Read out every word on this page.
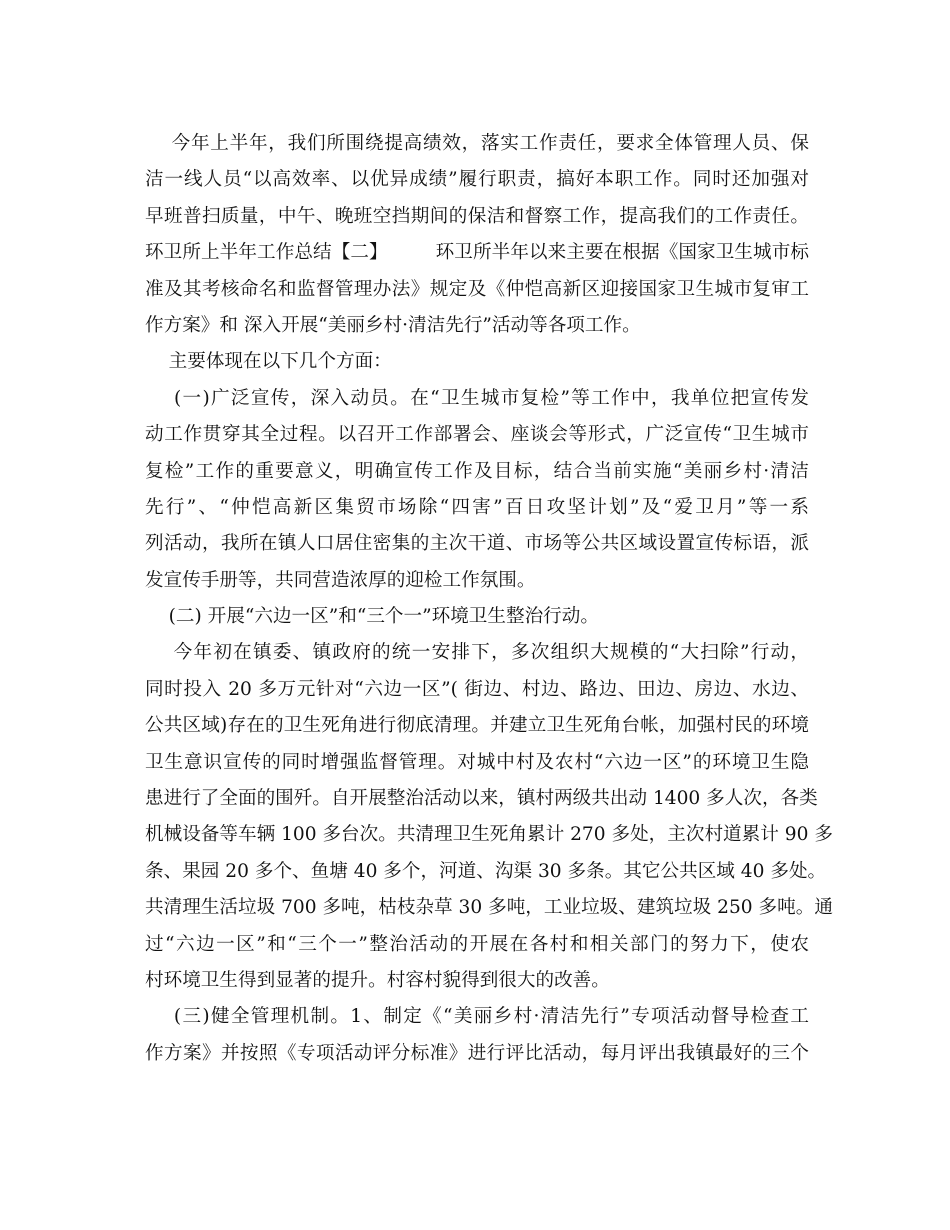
今年上半年，我们所围绕提高绩效，落实工作责任，要求全体管理人员、保
洁一线人员“以高效率、以优异成绩”履行职责，搞好本职工作。同时还加强对
早班普扫质量，中午、晚班空挡期间的保洁和督察工作，提高我们的工作责任。
环卫所上半年工作总结【二】        环卫所半年以来主要在根据《国家卫生城市标
准及其考核命名和监督管理办法》规定及《仲恺高新区迎接国家卫生城市复审工
作方案》和 深入开展“美丽乡村·清洁先行”活动等各项工作。
主要体现在以下几个方面：
(一)广泛宣传，深入动员。在“卫生城市复检”等工作中，我单位把宣传发
动工作贯穿其全过程。以召开工作部署会、座谈会等形式，广泛宣传“卫生城市
复检”工作的重要意义，明确宣传工作及目标，结合当前实施“美丽乡村·清洁
先行”、“仲恺高新区集贸市场除“四害”百日攻坚计划”及“爱卫月”等一系
列活动，我所在镇人口居住密集的主次干道、市场等公共区域设置宣传标语，派
发宣传手册等，共同营造浓厚的迎检工作氛围。
(二) 开展“六边一区”和“三个一”环境卫生整治行动。
今年初在镇委、镇政府的统一安排下，多次组织大规模的“大扫除”行动，
同时投入 20 多万元针对“六边一区”( 街边、村边、路边、田边、房边、水边、
公共区域)存在的卫生死角进行彻底清理。并建立卫生死角台帐，加强村民的环境
卫生意识宣传的同时增强监督管理。对城中村及农村“六边一区”的环境卫生隐
患进行了全面的围歼。自开展整治活动以来，镇村两级共出动 1400 多人次，各类
机械设备等车辆 100 多台次。共清理卫生死角累计 270 多处，主次村道累计 90 多
条、果园 20 多个、鱼塘 40 多个，河道、沟渠 30 多条。其它公共区域 40 多处。
共清理生活垃圾 700 多吨，枯枝杂草 30 多吨，工业垃圾、建筑垃圾 250 多吨。通
过“六边一区”和“三个一”整治活动的开展在各村和相关部门的努力下，使农
村环境卫生得到显著的提升。村容村貌得到很大的改善。
(三)健全管理机制。1、制定《“美丽乡村·清洁先行”专项活动督导检查工
作方案》并按照《专项活动评分标准》进行评比活动，每月评出我镇最好的三个
